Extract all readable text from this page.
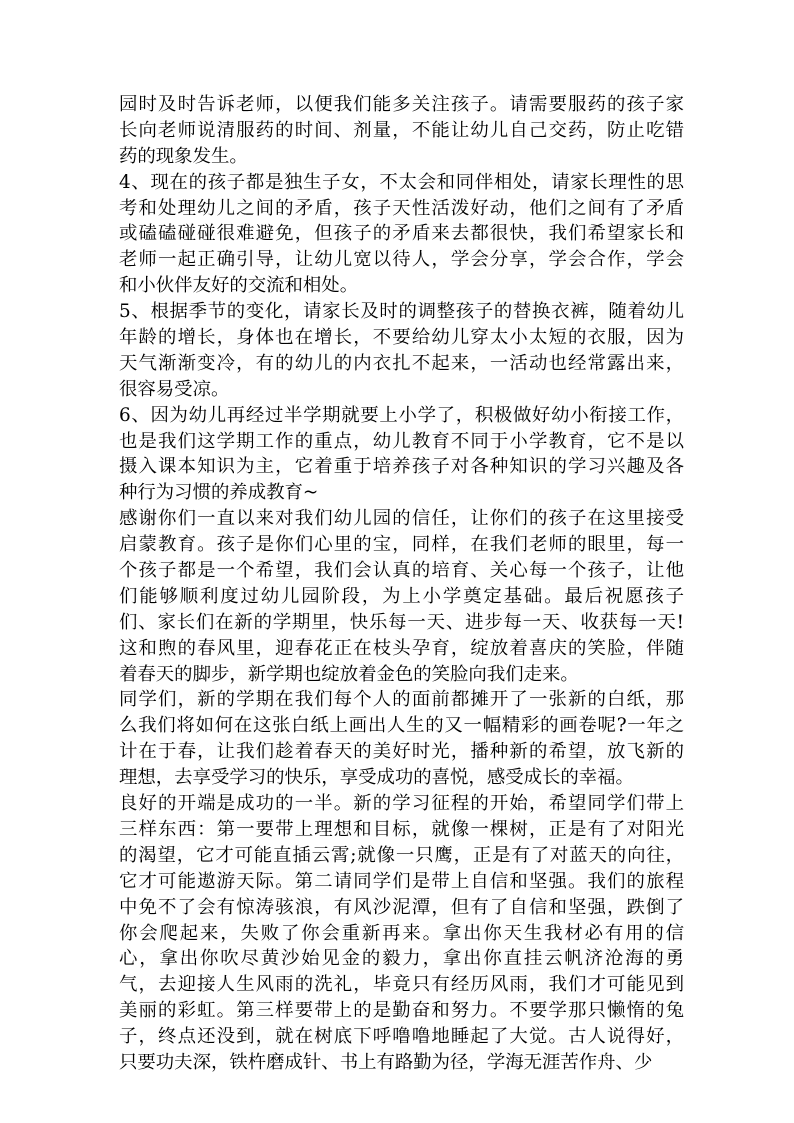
园时及时告诉老师，以便我们能多关注孩子。请需要服药的孩子家
长向老师说清服药的时间、剂量，不能让幼儿自己交药，防止吃错
药的现象发生。
4、现在的孩子都是独生子女，不太会和同伴相处，请家长理性的思
考和处理幼儿之间的矛盾，孩子天性活泼好动，他们之间有了矛盾
或磕磕碰碰很难避免，但孩子的矛盾来去都很快，我们希望家长和
老师一起正确引导，让幼儿宽以待人，学会分享，学会合作，学会
和小伙伴友好的交流和相处。
5、根据季节的变化，请家长及时的调整孩子的替换衣裤，随着幼儿
年龄的增长，身体也在增长，不要给幼儿穿太小太短的衣服，因为
天气渐渐变冷，有的幼儿的内衣扎不起来，一活动也经常露出来，
很容易受凉。
6、因为幼儿再经过半学期就要上小学了，积极做好幼小衔接工作，
也是我们这学期工作的重点，幼儿教育不同于小学教育，它不是以
摄入课本知识为主，它着重于培养孩子对各种知识的学习兴趣及各
种行为习惯的养成教育~
感谢你们一直以来对我们幼儿园的信任，让你们的孩子在这里接受
启蒙教育。孩子是你们心里的宝，同样，在我们老师的眼里，每一
个孩子都是一个希望，我们会认真的培育、关心每一个孩子，让他
们能够顺利度过幼儿园阶段，为上小学奠定基础。最后祝愿孩子
们、家长们在新的学期里，快乐每一天、进步每一天、收获每一天!
这和煦的春风里，迎春花正在枝头孕育，绽放着喜庆的笑脸，伴随
着春天的脚步，新学期也绽放着金色的笑脸向我们走来。
同学们，新的学期在我们每个人的面前都摊开了一张新的白纸，那
么我们将如何在这张白纸上画出人生的又一幅精彩的画卷呢?一年之
计在于春，让我们趁着春天的美好时光，播种新的希望，放飞新的
理想，去享受学习的快乐，享受成功的喜悦，感受成长的幸福。
良好的开端是成功的一半。新的学习征程的开始，希望同学们带上
三样东西：第一要带上理想和目标，就像一棵树，正是有了对阳光
的渴望，它才可能直插云霄;就像一只鹰，正是有了对蓝天的向往，
它才可能遨游天际。第二请同学们是带上自信和坚强。我们的旅程
中免不了会有惊涛骇浪，有风沙泥潭，但有了自信和坚强，跌倒了
你会爬起来，失败了你会重新再来。拿出你天生我材必有用的信
心，拿出你吹尽黄沙始见金的毅力，拿出你直挂云帆济沧海的勇
气，去迎接人生风雨的洗礼，毕竟只有经历风雨，我们才可能见到
美丽的彩虹。第三样要带上的是勤奋和努力。不要学那只懒惰的兔
子，终点还没到，就在树底下呼噜噜地睡起了大觉。古人说得好，
只要功夫深，铁杵磨成针、书上有路勤为径，学海无涯苦作舟、少
